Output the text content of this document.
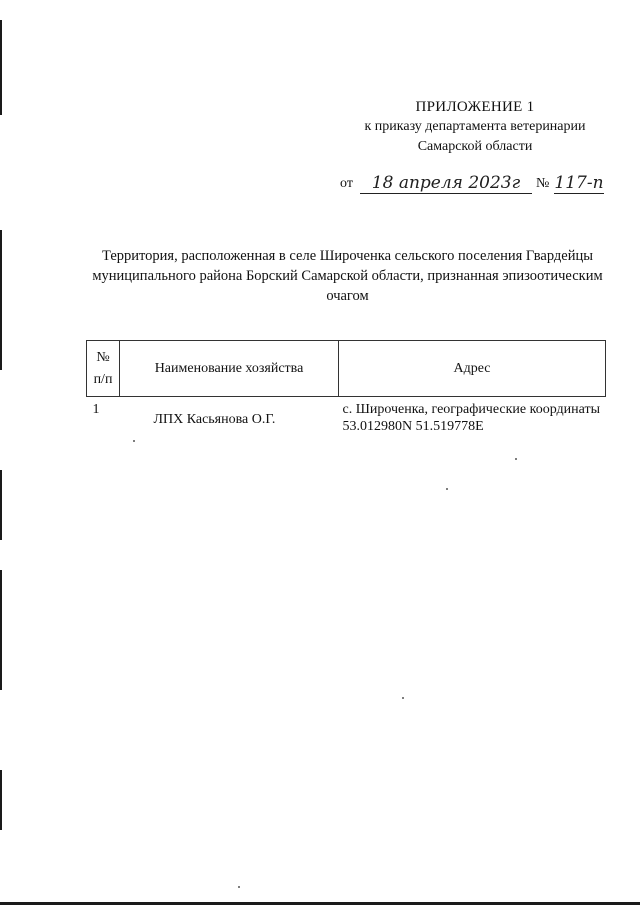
ПРИЛОЖЕНИЕ 1
к приказу департамента ветеринарии
Самарской области
от	18 апреля 2023г	№ 117-п
Территория, расположенная в селе Широченка сельского поселения Гвардейцы муниципального района Борский Самарской области, признанная эпизоотическим очагом
№
п/п	Наименование хозяйства	Адрес
1	ЛПХ Касьянова О.Г.	с. Широченка, географические координаты 53.012980N 51.519778E
